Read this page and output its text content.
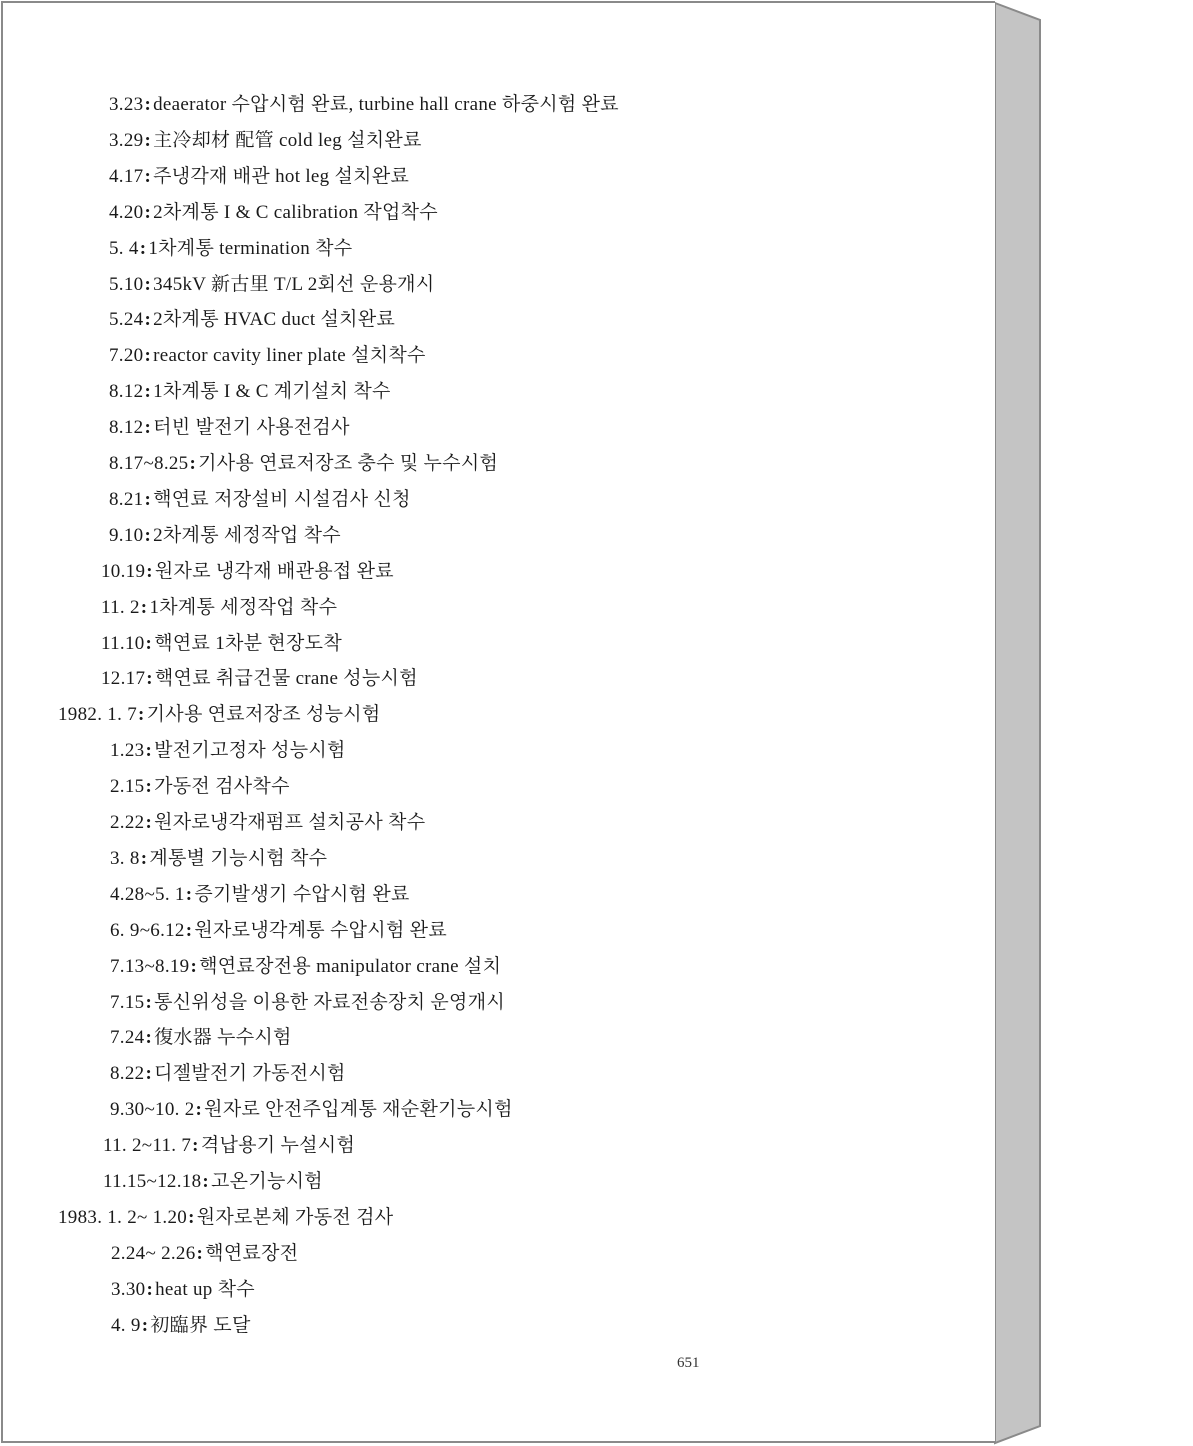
3.23: deaerator 수압시험 완료, turbine hall crane 하중시험 완료
3.29: 主冷却材 配管 cold leg 설치완료
4.17: 주냉각재 배관 hot leg 설치완료
4.20: 2차계통 I & C calibration 작업착수
5. 4: 1차계통 termination 착수
5.10: 345kV 新古里 T/L 2회선 운용개시
5.24: 2차계통 HVAC duct 설치완료
7.20: reactor cavity liner plate 설치착수
8.12: 1차계통 I & C 계기설치 착수
8.12: 터빈 발전기 사용전검사
8.17~8.25: 기사용 연료저장조 충수 및 누수시험
8.21: 핵연료 저장설비 시설검사 신청
9.10: 2차계통 세정작업 착수
10.19: 원자로 냉각재 배관용접 완료
11. 2: 1차계통 세정작업 착수
11.10: 핵연료 1차분 현장도착
12.17: 핵연료 취급건물 crane 성능시험
1982. 1. 7: 기사용 연료저장조 성능시험
1.23: 발전기고정자 성능시험
2.15: 가동전 검사착수
2.22: 원자로냉각재펌프 설치공사 착수
3. 8: 계통별 기능시험 착수
4.28~5. 1: 증기발생기 수압시험 완료
6. 9~6.12: 원자로냉각계통 수압시험 완료
7.13~8.19: 핵연료장전용 manipulator crane 설치
7.15: 통신위성을 이용한 자료전송장치 운영개시
7.24: 復水器 누수시험
8.22: 디젤발전기 가동전시험
9.30~10. 2: 원자로 안전주입계통 재순환기능시험
11. 2~11. 7: 격납용기 누설시험
11.15~12.18: 고온기능시험
1983. 1. 2~ 1.20: 원자로본체 가동전 검사
2.24~ 2.26: 핵연료장전
3.30: heat up 착수
4. 9: 初臨界 도달
651
